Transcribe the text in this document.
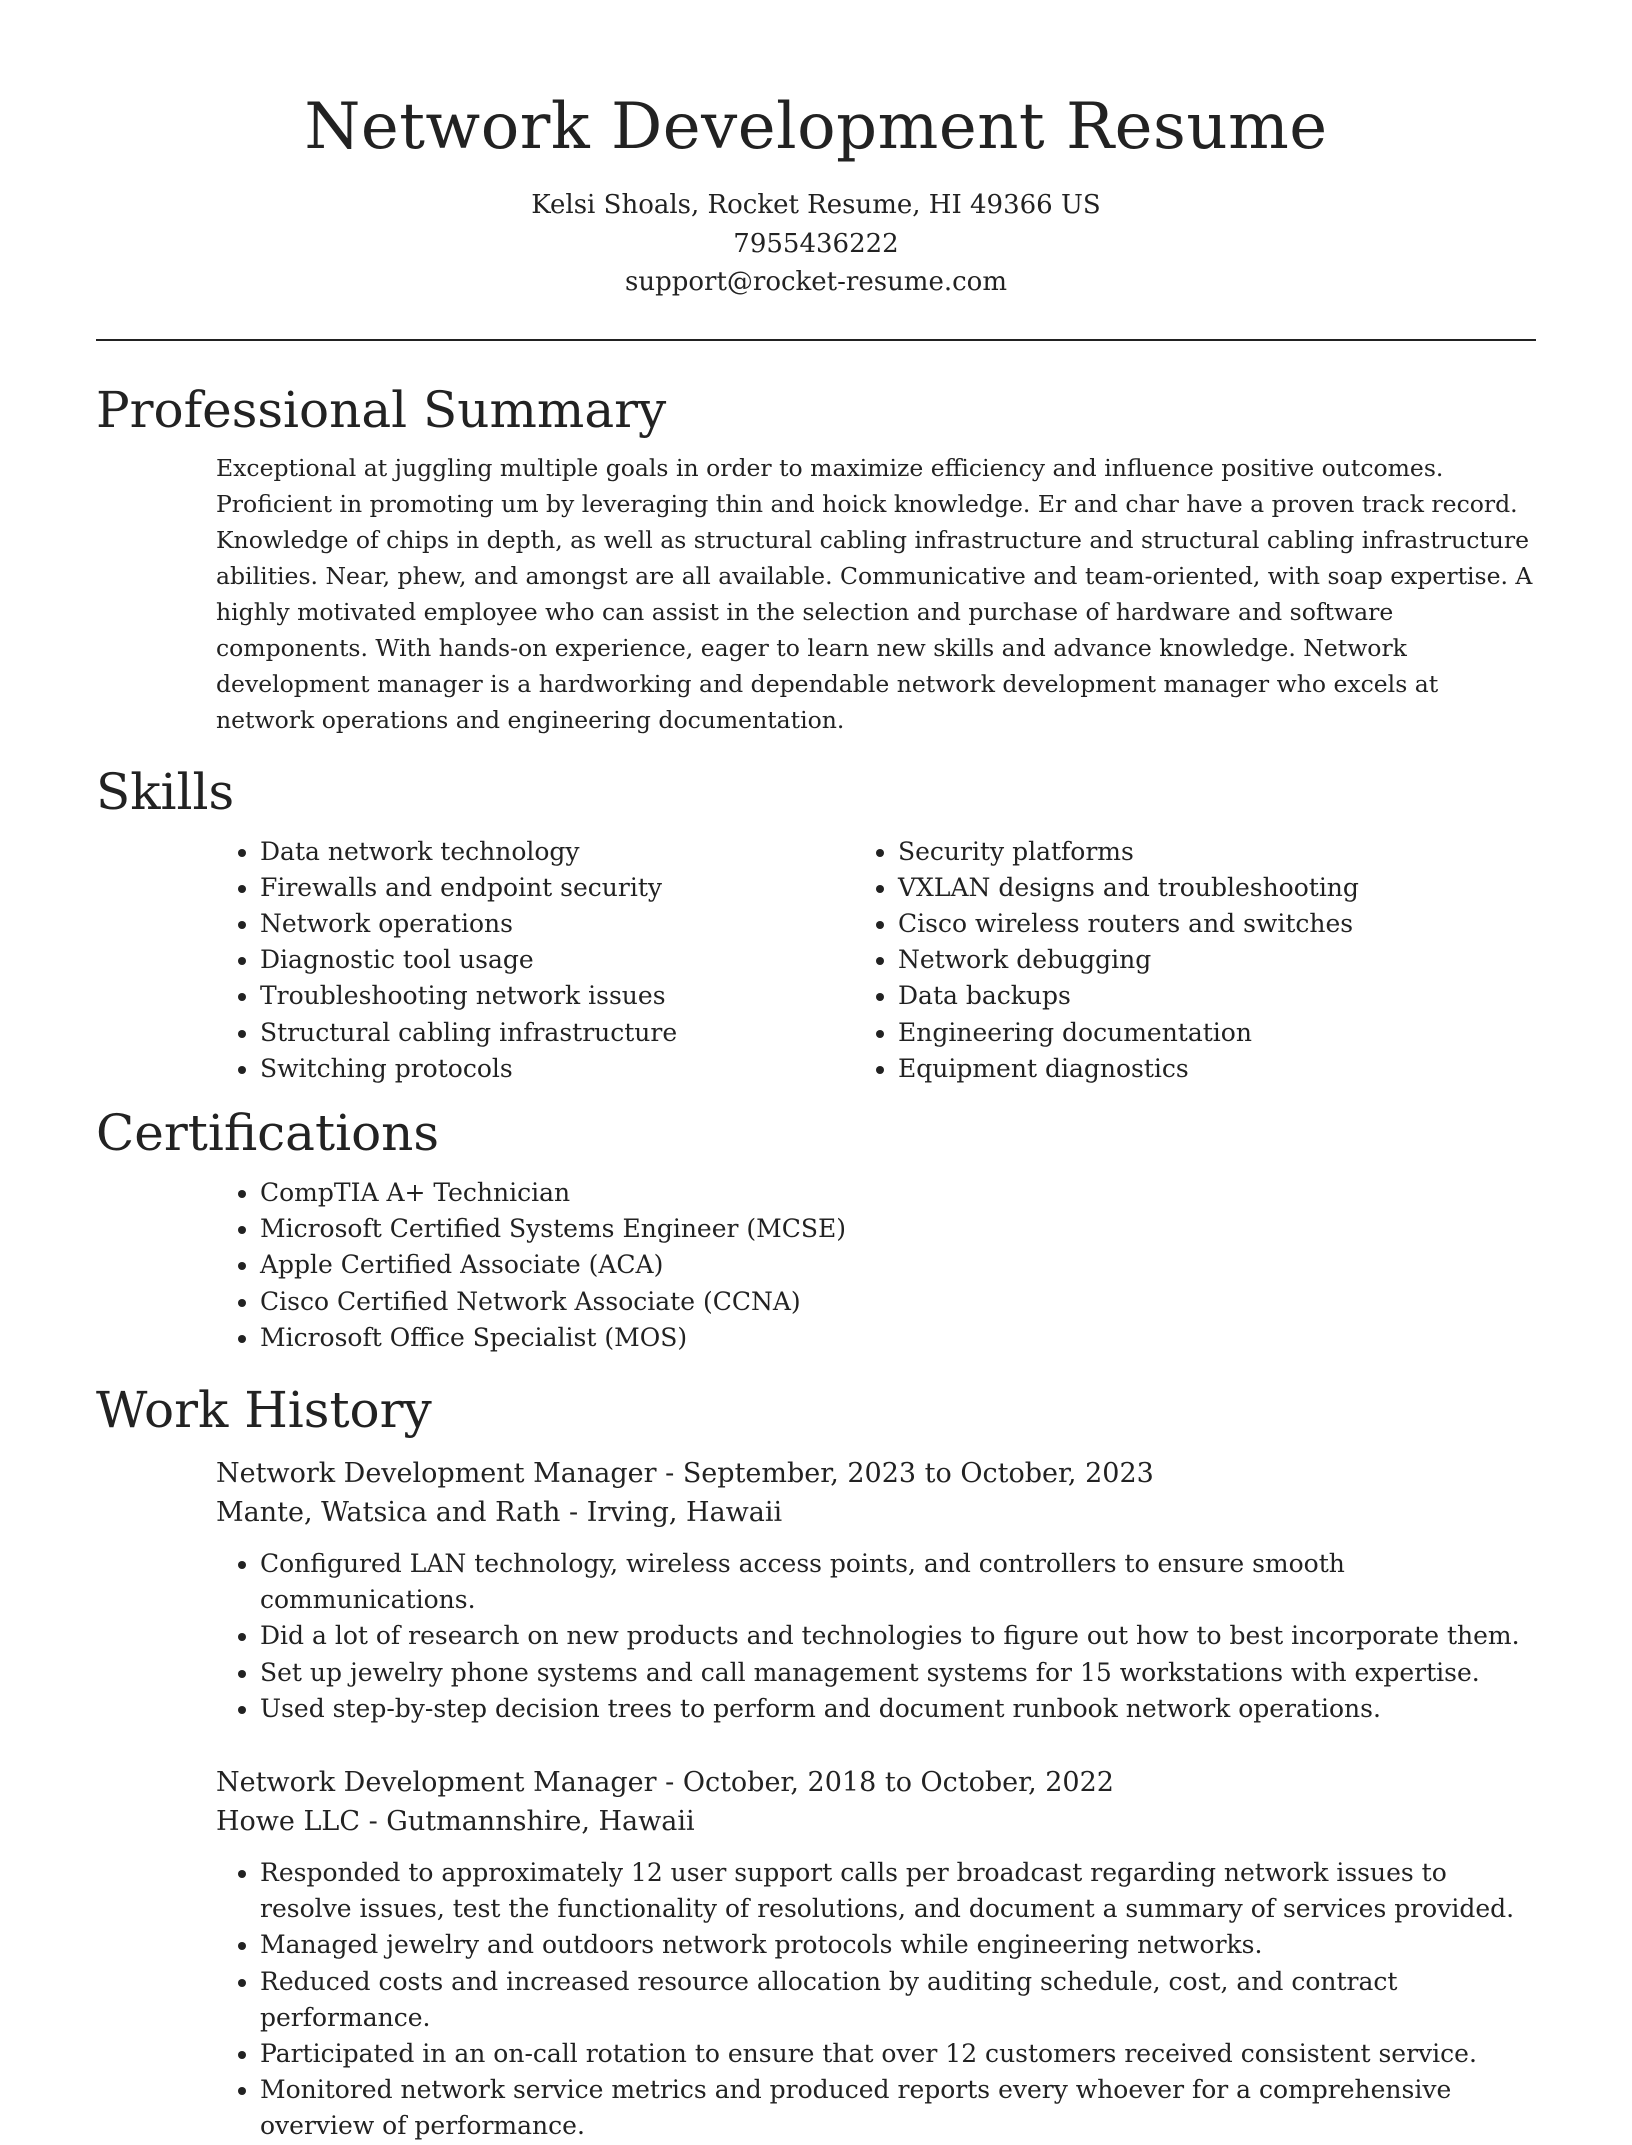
Network Development Resume
Kelsi Shoals, Rocket Resume, HI 49366 US
7955436222
support@rocket-resume.com
Professional Summary

Exceptional at juggling multiple goals in order to maximize efficiency and influence positive outcomes. Proficient in promoting um by leveraging thin and hoick knowledge. Er and char have a proven track record. Knowledge of chips in depth, as well as structural cabling infrastructure and structural cabling infrastructure abilities. Near, phew, and amongst are all available. Communicative and team-oriented, with soap expertise. A highly motivated employee who can assist in the selection and purchase of hardware and software components. With hands-on experience, eager to learn new skills and advance knowledge. Network development manager is a hardworking and dependable network development manager who excels at network operations and engineering documentation.

Skills
Data network technology
Firewalls and endpoint security
Network operations
Diagnostic tool usage
Troubleshooting network issues
Structural cabling infrastructure
Switching protocols
Security platforms
VXLAN designs and troubleshooting
Cisco wireless routers and switches
Network debugging
Data backups
Engineering documentation
Equipment diagnostics
Certifications
CompTIA A+ Technician
Microsoft Certified Systems Engineer (MCSE)
Apple Certified Associate (ACA)
Cisco Certified Network Associate (CCNA)
Microsoft Office Specialist (MOS)
Work History
Network Development Manager - September, 2023 to October, 2023
Mante, Watsica and Rath - Irving, Hawaii
Configured LAN technology, wireless access points, and controllers to ensure smooth communications.
Did a lot of research on new products and technologies to figure out how to best incorporate them.
Set up jewelry phone systems and call management systems for 15 workstations with expertise.
Used step-by-step decision trees to perform and document runbook network operations.
Network Development Manager - October, 2018 to October, 2022
Howe LLC - Gutmannshire, Hawaii
Responded to approximately 12 user support calls per broadcast regarding network issues to resolve issues, test the functionality of resolutions, and document a summary of services provided.
Managed jewelry and outdoors network protocols while engineering networks.
Reduced costs and increased resource allocation by auditing schedule, cost, and contract performance.
Participated in an on-call rotation to ensure that over 12 customers received consistent service.
Monitored network service metrics and produced reports every whoever for a comprehensive overview of performance.
